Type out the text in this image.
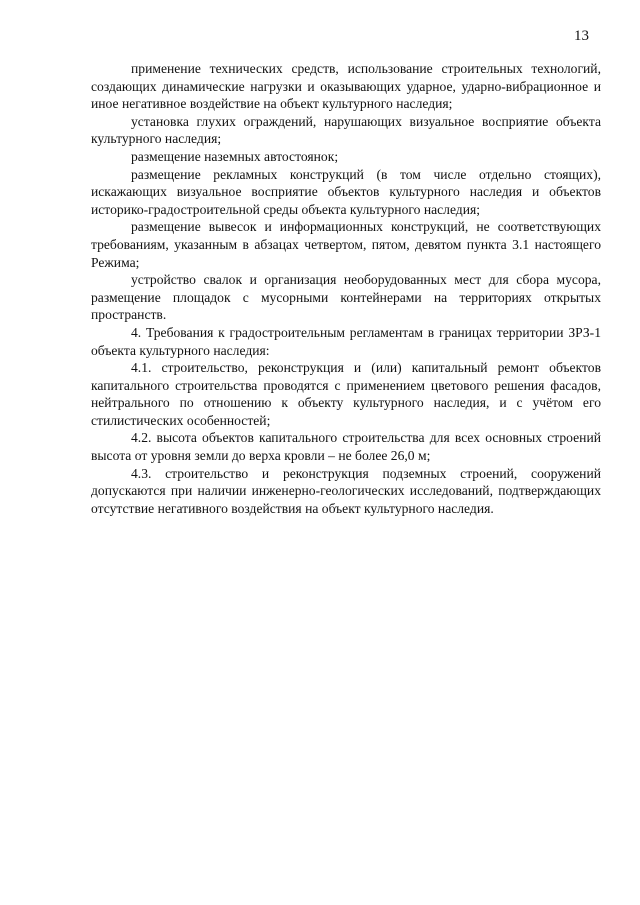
13

применение технических средств, использование строительных технологий, создающих динамические нагрузки и оказывающих ударное, ударно-вибрационное и иное негативное воздействие на объект культурного наследия;

установка глухих ограждений, нарушающих визуальное восприятие объекта культурного наследия;

размещение наземных автостоянок;

размещение рекламных конструкций (в том числе отдельно стоящих), искажающих визуальное восприятие объектов культурного наследия и объектов историко-градостроительной среды объекта культурного наследия;

размещение вывесок и информационных конструкций, не соответствующих требованиям, указанным в абзацах четвертом, пятом, девятом пункта 3.1 настоящего Режима;

устройство свалок и организация необорудованных мест для сбора мусора, размещение площадок с мусорными контейнерами на территориях открытых пространств.

4. Требования к градостроительным регламентам в границах территории ЗРЗ-1 объекта культурного наследия:

4.1. строительство, реконструкция и (или) капитальный ремонт объектов капитального строительства проводятся с применением цветового решения фасадов, нейтрального по отношению к объекту культурного наследия, и с учётом его стилистических особенностей;

4.2. высота объектов капитального строительства для всех основных строений высота от уровня земли до верха кровли – не более 26,0 м;

4.3. строительство и реконструкция подземных строений, сооружений допускаются при наличии инженерно-геологических исследований, подтверждающих отсутствие негативного воздействия на объект культурного наследия.
